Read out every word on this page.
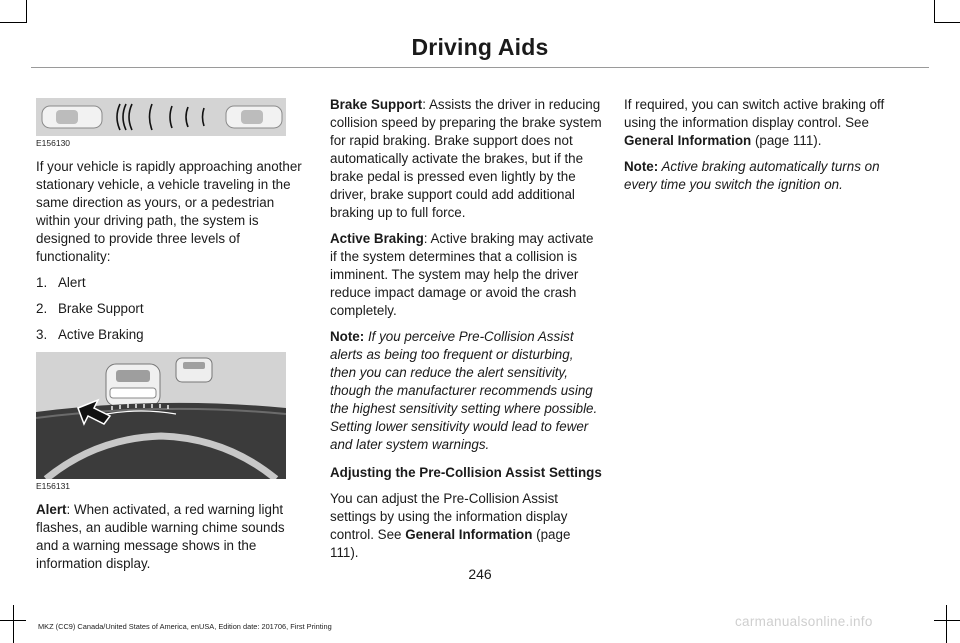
Driving Aids

E156130

If your vehicle is rapidly approaching another stationary vehicle, a vehicle traveling in the same direction as yours, or a pedestrian within your driving path, the system is designed to provide three levels of functionality:

1. Alert
2. Brake Support
3. Active Braking

E156131

Alert: When activated, a red warning light flashes, an audible warning chime sounds and a warning message shows in the information display.

Brake Support: Assists the driver in reducing collision speed by preparing the brake system for rapid braking. Brake support does not automatically activate the brakes, but if the brake pedal is pressed even lightly by the driver, brake support could add additional braking up to full force.

Active Braking: Active braking may activate if the system determines that a collision is imminent. The system may help the driver reduce impact damage or avoid the crash completely.

Note: If you perceive Pre-Collision Assist alerts as being too frequent or disturbing, then you can reduce the alert sensitivity, though the manufacturer recommends using the highest sensitivity setting where possible. Setting lower sensitivity would lead to fewer and later system warnings.

Adjusting the Pre-Collision Assist Settings

You can adjust the Pre-Collision Assist settings by using the information display control. See General Information (page 111).

If required, you can switch active braking off using the information display control. See General Information (page 111).

Note: Active braking automatically turns on every time you switch the ignition on.

246
MKZ (CC9) Canada/United States of America, enUSA, Edition date: 201706, First Printing	carmanualsonline.info
